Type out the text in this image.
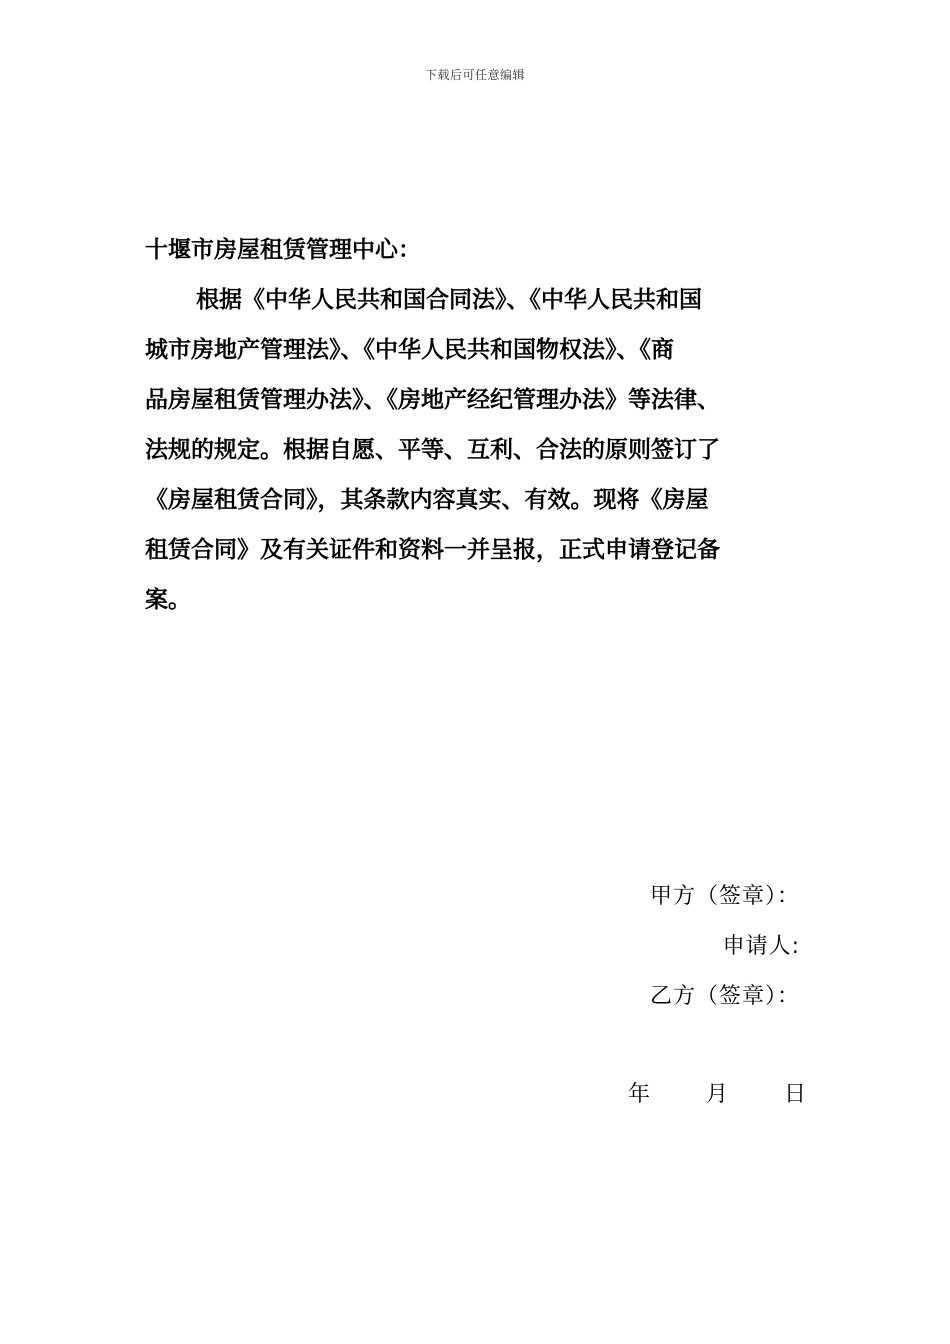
下载后可任意编辑
十堰市房屋租赁管理中心：
根据《中华人民共和国合同法》、《中华人民共和国
城市房地产管理法》、《中华人民共和国物权法》、《商
品房屋租赁管理办法》、《房地产经纪管理办法》等法律、
法规的规定。根据自愿、平等、互利、合法的原则签订了
《房屋租赁合同》，其条款内容真实、有效。现将《房屋
租赁合同》及有关证件和资料一并呈报，正式申请登记备
案。
甲方（签章）：
申请人:
乙方（签章）：
年	月	日
